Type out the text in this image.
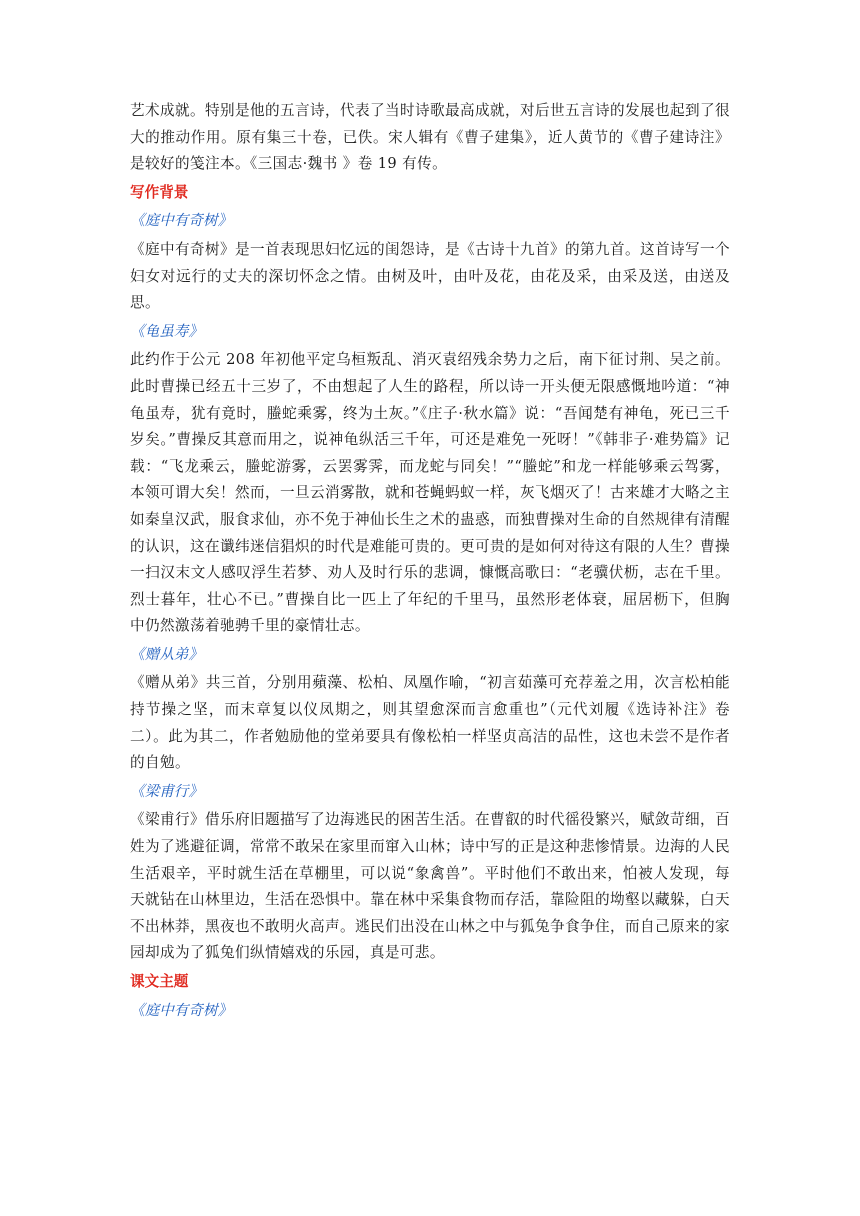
艺术成就。特别是他的五言诗，代表了当时诗歌最高成就，对后世五言诗的发展也起到了很大的推动作用。原有集三十卷，已佚。宋人辑有《曹子建集》，近人黄节的《曹子建诗注》是较好的笺注本。《三国志·魏书 》卷 19 有传。

写作背景
《庭中有奇树》

《庭中有奇树》是一首表现思妇忆远的闺怨诗，是《古诗十九首》的第九首。这首诗写一个妇女对远行的丈夫的深切怀念之情。由树及叶，由叶及花，由花及采，由采及送，由送及思。

《龟虽寿》

此约作于公元 208 年初他平定乌桓叛乱、消灭袁绍残余势力之后，南下征讨荆、吴之前。此时曹操已经五十三岁了，不由想起了人生的路程，所以诗一开头便无限感慨地吟道：“神龟虽寿，犹有竟时，螣蛇乘雾，终为土灰。”《庄子·秋水篇》说：“吾闻楚有神龟，死已三千岁矣。”曹操反其意而用之，说神龟纵活三千年，可还是难免一死呀！”《韩非子·难势篇》记载：“飞龙乘云，螣蛇游雾，云罢雾霁，而龙蛇与同矣！”“螣蛇”和龙一样能够乘云驾雾，本领可谓大矣！然而，一旦云消雾散，就和苍蝇蚂蚁一样，灰飞烟灭了！古来雄才大略之主如秦皇汉武，服食求仙，亦不免于神仙长生之术的蛊惑，而独曹操对生命的自然规律有清醒的认识，这在谶纬迷信猖炽的时代是难能可贵的。更可贵的是如何对待这有限的人生？曹操一扫汉末文人感叹浮生若梦、劝人及时行乐的悲调，慷慨高歌曰：“老骥伏枥，志在千里。烈士暮年，壮心不已。”曹操自比一匹上了年纪的千里马，虽然形老体衰，屈居枥下，但胸中仍然激荡着驰骋千里的豪情壮志。

《赠从弟》

《赠从弟》共三首，分别用蘋藻、松柏、凤凰作喻，“初言茹藻可充荐羞之用，次言松柏能持节操之坚，而末章复以仪凤期之，则其望愈深而言愈重也”（元代刘履《选诗补注》卷二）。此为其二，作者勉励他的堂弟要具有像松柏一样坚贞高洁的品性，这也未尝不是作者的自勉。

《梁甫行》

《梁甫行》借乐府旧题描写了边海逃民的困苦生活。在曹叡的时代徭役繁兴，赋敛苛细，百姓为了逃避征调，常常不敢呆在家里而窜入山林；诗中写的正是这种悲惨情景。边海的人民生活艰辛，平时就生活在草棚里，可以说“象禽兽”。平时他们不敢出来，怕被人发现，每天就钻在山林里边，生活在恐惧中。靠在林中采集食物而存活，靠险阻的坳壑以藏躲，白天不出林莽，黑夜也不敢明火高声。逃民们出没在山林之中与狐兔争食争住，而自己原来的家园却成为了狐兔们纵情嬉戏的乐园，真是可悲。

课文主题
《庭中有奇树》
